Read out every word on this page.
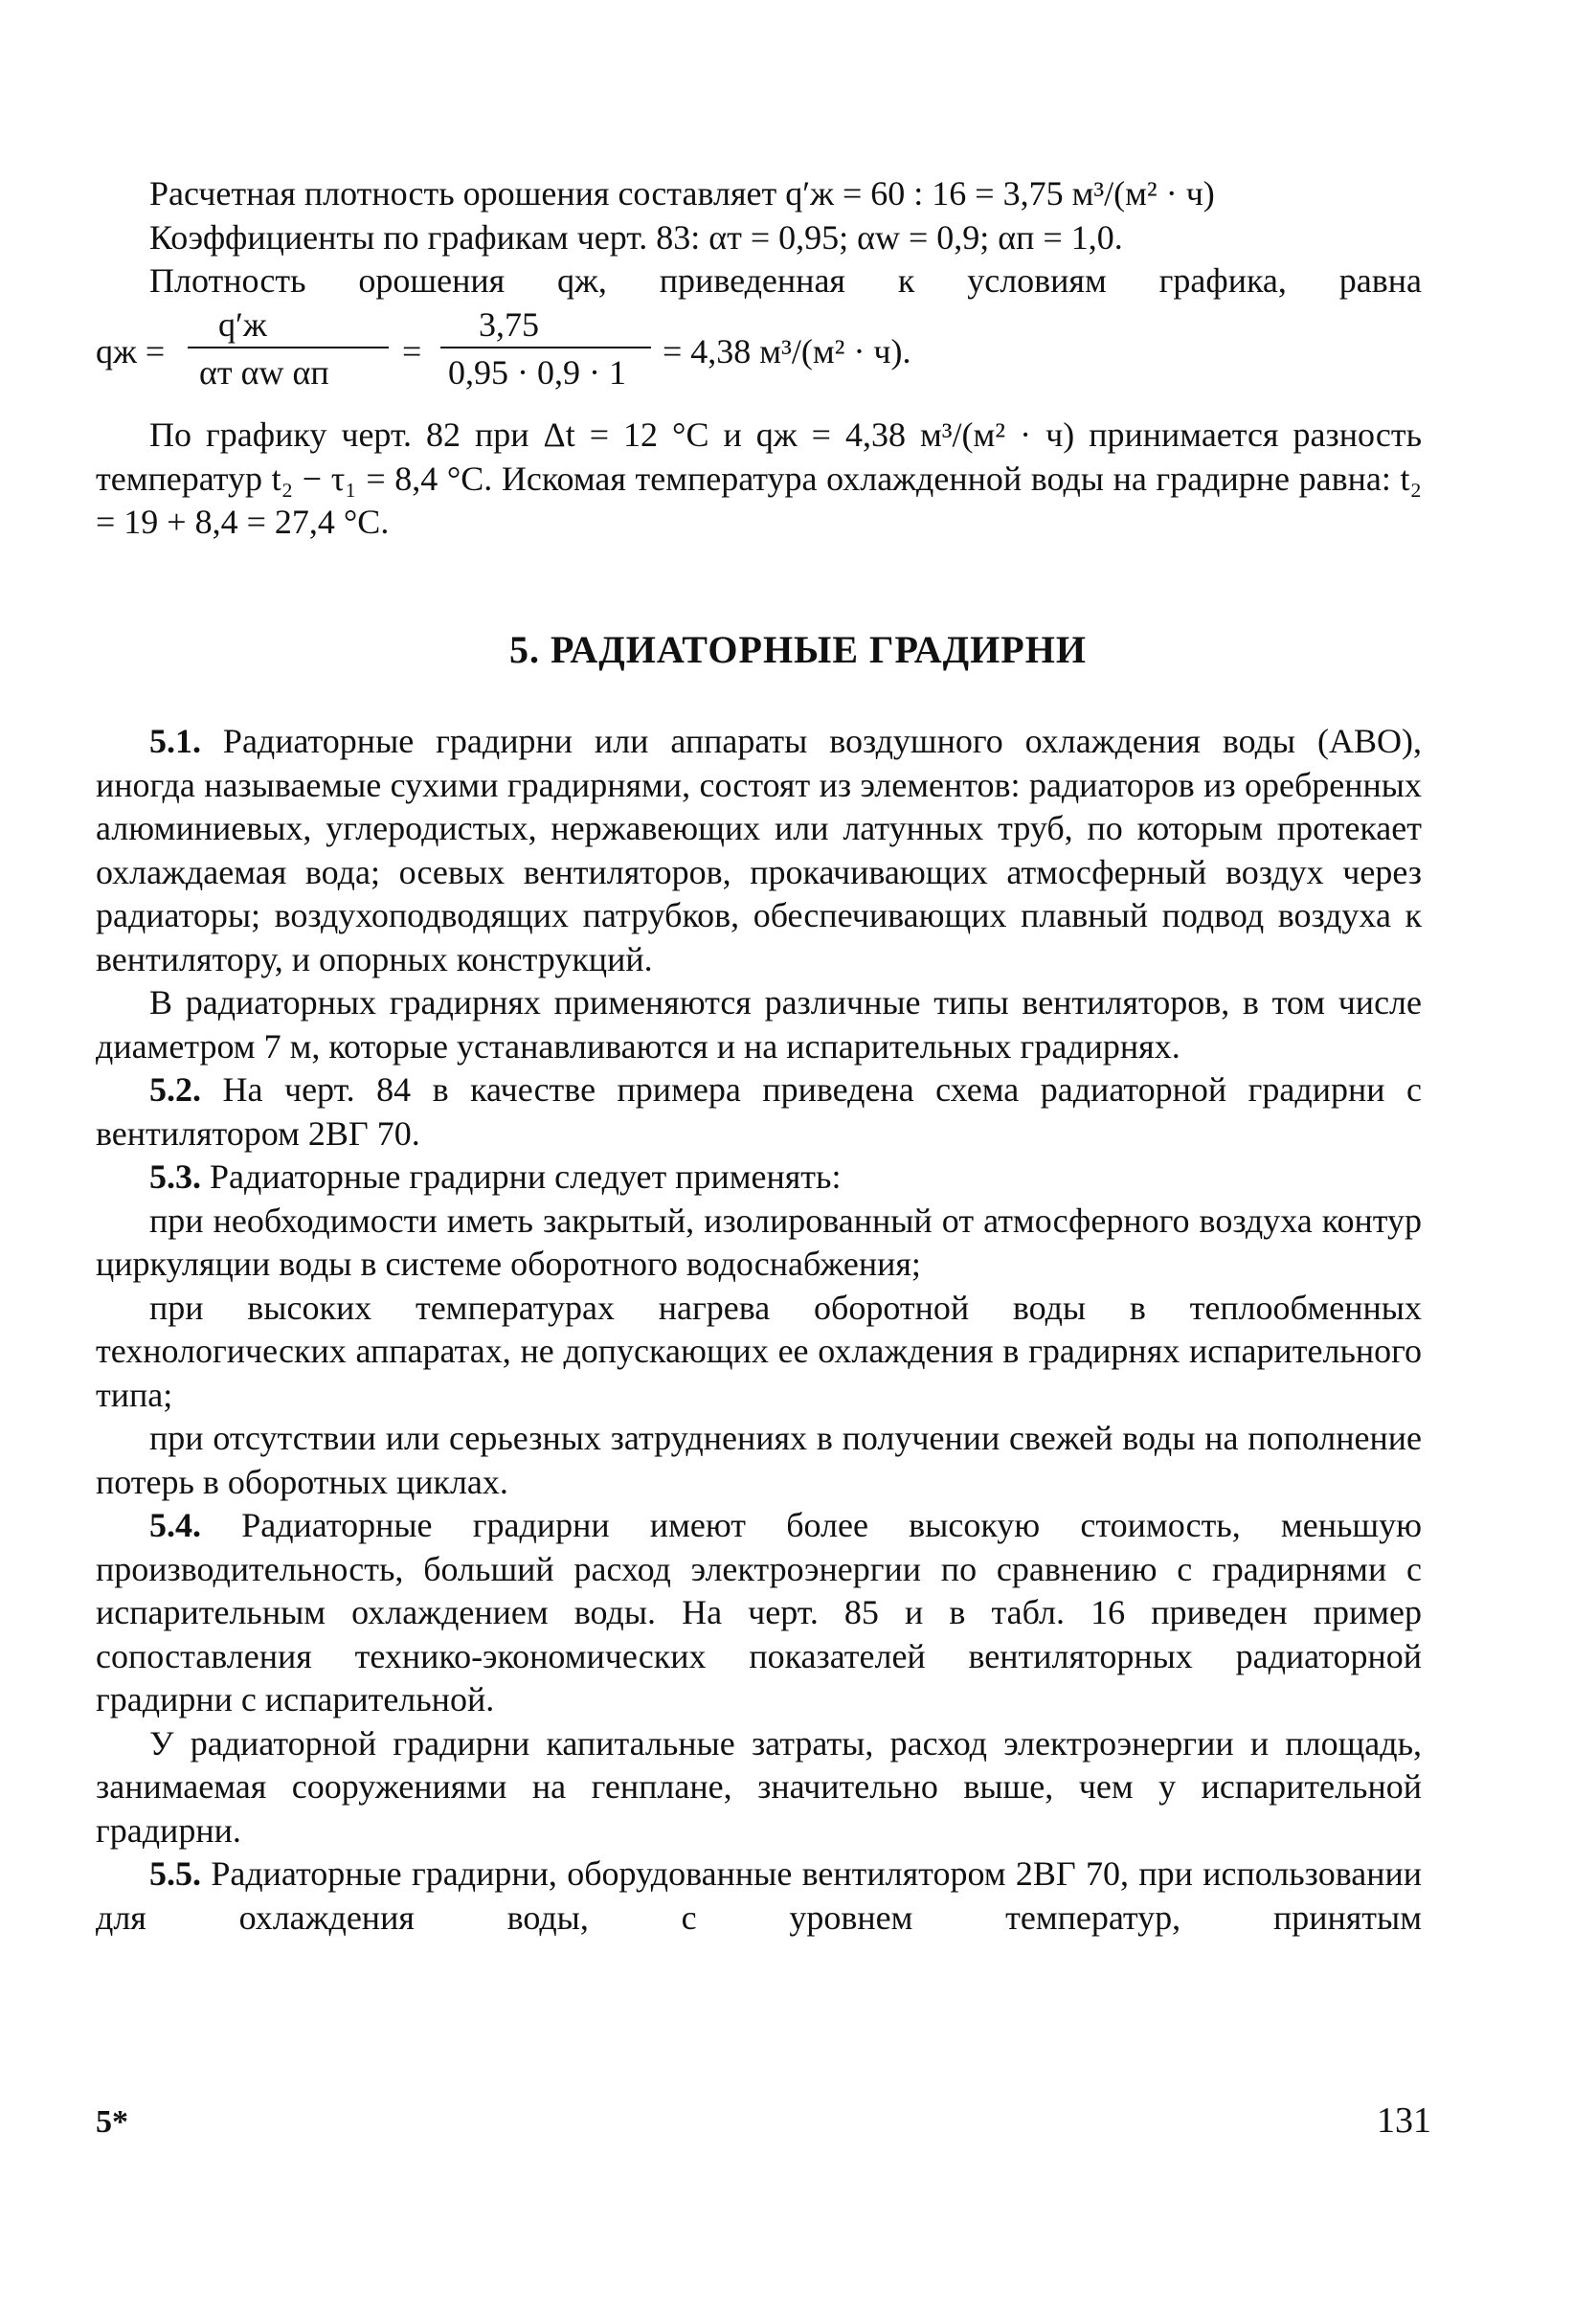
Расчетная плотность орошения составляет q′ж = 60 : 16 = 3,75 м³/(м² · ч)

Коэффициенты по графикам черт. 83: αт = 0,95; αw = 0,9; αп = 1,0.

Плотность орошения qж, приведенная к условиям графика, равна

qж =
q′ж
αт αw αп
=
3,75
0,95 · 0,9 · 1
= 4,38 м³/(м² · ч).

По графику черт. 82 при Δt = 12 °С и qж = 4,38 м³/(м² · ч) принимается разность температур t₂ − τ₁ = 8,4 °С. Искомая температура охлажденной воды на градирне равна: t₂ = 19 + 8,4 = 27,4 °С.

5. РАДИАТОРНЫЕ ГРАДИРНИ

5.1. Радиаторные градирни или аппараты воздушного охлаждения воды (АВО), иногда называемые сухими градирнями, состоят из элементов: радиаторов из оребренных алюминиевых, углеродистых, нержавеющих или латунных труб, по которым протекает охлаждаемая вода; осевых вентиляторов, прокачивающих атмосферный воздух через радиаторы; воздухоподводящих патрубков, обеспечивающих плавный подвод воздуха к вентилятору, и опорных конструкций.

В радиаторных градирнях применяются различные типы вентиляторов, в том числе диаметром 7 м, которые устанавливаются и на испарительных градирнях.

5.2. На черт. 84 в качестве примера приведена схема радиаторной градирни с вентилятором 2ВГ 70.

5.3. Радиаторные градирни следует применять:

при необходимости иметь закрытый, изолированный от атмосферного воздуха контур циркуляции воды в системе оборотного водоснабжения;

при высоких температурах нагрева оборотной воды в теплообменных технологических аппаратах, не допускающих ее охлаждения в градирнях испарительного типа;

при отсутствии или серьезных затруднениях в получении свежей воды на пополнение потерь в оборотных циклах.

5.4. Радиаторные градирни имеют более высокую стоимость, меньшую производительность, больший расход электроэнергии по сравнению с градирнями с испарительным охлаждением воды. На черт. 85 и в табл. 16 приведен пример сопоставления технико-экономических показателей вентиляторных радиаторной градирни с испарительной.

У радиаторной градирни капитальные затраты, расход электроэнергии и площадь, занимаемая сооружениями на генплане, значительно выше, чем у испарительной градирни.

5.5. Радиаторные градирни, оборудованные вентилятором 2ВГ 70, при использовании для охлаждения воды, с уровнем температур, принятым

5*	131
